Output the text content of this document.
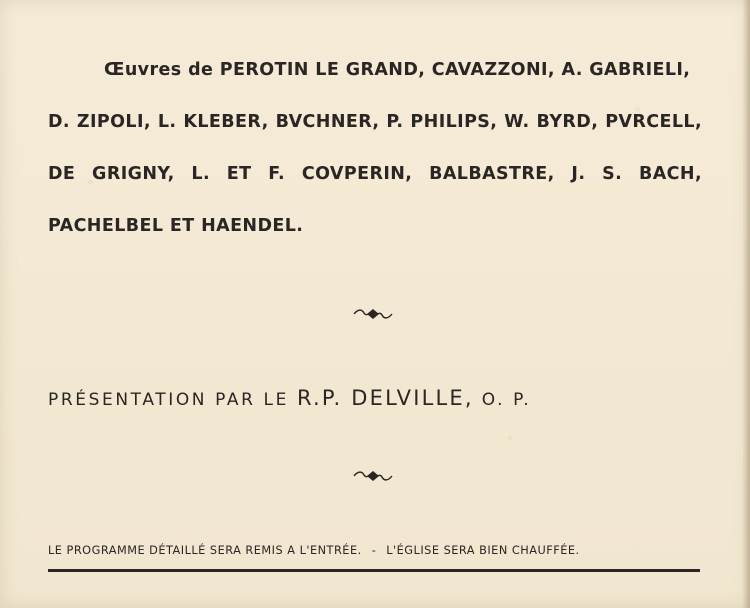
Œuvres de PEROTIN LE GRAND, CAVAZZONI, A. GABRIELI,
D. ZIPOLI, L. KLEBER, BVCHNER, P. PHILIPS, W. BYRD, PVRCELL,
DE GRIGNY, L. ET F. COVPERIN, BALBASTRE, J. S. BACH,
PACHELBEL ET HAENDEL.
PRÉSENTATION PAR LE R.P. DELVILLE, O. P.
LE PROGRAMME DÉTAILLÉ SERA REMIS A L'ENTRÉE. - L'ÉGLISE SERA BIEN CHAUFFÉE.
